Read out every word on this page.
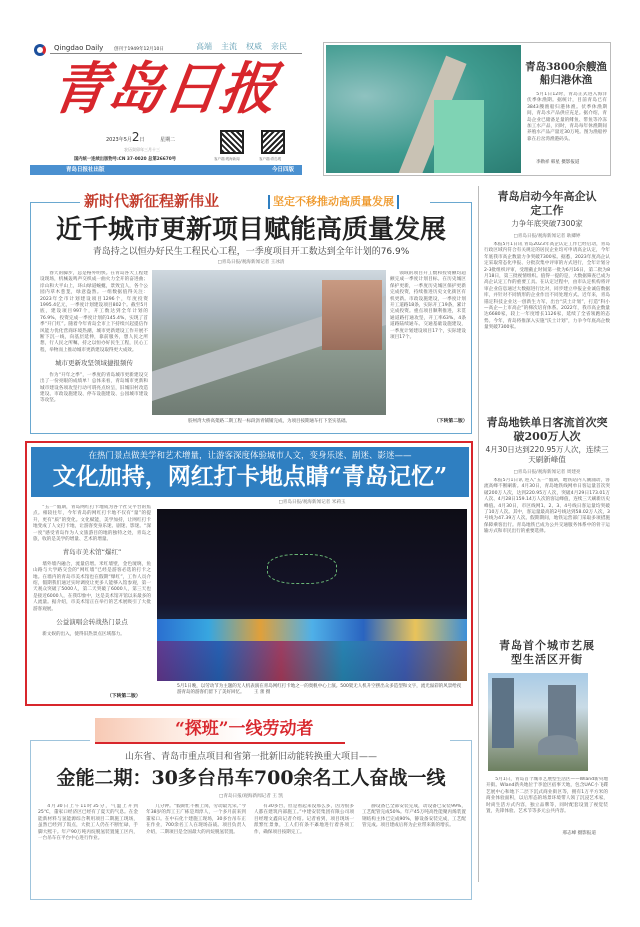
Qingdao Daily 创刊于1949年12月10日	高端 主流 权威 亲民
青岛日报
2023年5月2日	星期二
农历癸卯年三月十三
国内统一连续出版物号:CN 37-0020 总第26670号	客户端:观海新闻	客户端:青岛观
青岛日报社出版	今日四版
青岛3800余艘渔船归港休渔
5月1日12时，青岛正式进入海洋伏季休渔期。据统计，目前青岛已有3843艘渔船归港休渔。伏季休渔期间，青岛水产品供应充足。据介绍，青岛企业已储备足量的鲱鱼、带鱼等冷冻加工水产品，同时，青岛每年休渔期间养殖水产品产量近30万吨。图为渔船停靠在后岔湾渔港码头。
李勋祥 韩星 摄影报道
新时代新征程新伟业	坚定不移推动高质量发展
近千城市更新项目赋能高质量发展
青岛持之以恒办好民生工程民心工程，一季度项目开工数达到全年计划的76.9%
□青岛日报/观海新闻记者 王冰清

春天的脚步，总是格外明快。在青岛各大工程建设现场，机械轰鸣声交织成一曲火力全开的奋进曲；岸山和大平山上，环山绿道蜿蜒，景致宜人，各个公园内草木葱茏，绿意盎然。一组数据值得关注：2023年全市计划建设项目1296个，年度投资1995.4亿元，一季度计划建设项目802个。截至5月底，建设项目997个，开工数达到全年计划的76.9%，投资完成一季度计划的145.4%，实现了首季“开门红”。随着今年青岛全市上下持续兴起提信作风能力优化营商环境热潮，城市更新建设工作开展不断下沉一线，向基层延伸，靠前服务，想人民之所想，行人民之所嘱，持之以恒办好民生工程，民心工程，举物而上推动城市更新建设取得更大成效。

城市更新攻坚领域捷报频传

作为“开年之季”，一季度的青岛城市更新建设交出了一份亮眼的成绩单！总体来看，青岛城市更新和城市建设各项攻坚行动可谓亮点纷呈，旧城旧村改造建设、市政设施建设、停车设施建设、公园城市建设等攻坚。

胶州湾大桥高架路二期工程一标段沥青铺铺完成，为项目按期通车打下坚实基础。

领域的项目开工数和投资额均超额完成一季度计划目标。在历史城区保护更新，一季度历史城区保护更新完成投资，持续推进历史文化街区有机更新。市政设施建设，一季度计划开工道路18条，实际开工19条，累计完成投资。重点项目顺利推进，未贯通道路打通攻坚，开工率63%，4条道路陆续通车。交通基础设施建设，一季度计划建设项目17个，实际建设项目17个。

（下转第二版）
在热门景点做美学和艺术增量，让游客深度体验城市人文，变身乐迷、剧迷、影迷——
文化加持，网红打卡地点睛“青岛记忆”
□青岛日报/观海新闻记者 米莉玉

“五一”假期，青岛网红打卡地成为各个社交平台的焦点。相较往年，今年青岛的网红打卡地不仅有“量”的提升，更有“质”的变化。文化赋能，美学加持，让网红打卡地变成了人文打卡地，让游客变身乐迷、剧迷、影迷。“深一度”感受青岛作为人文旅游目的地的独特之处，青岛之旅，收的是美学的增量、艺术的增量。

青岛市美术馆“爆红”

墙外墙内融合，流量倍增。米红墙壁，金色琉璃，鱼山路与大学路交会的“网红墙”已经是游客必选的打卡之地。在墙内的青岛市美术馆也在假期“爆红”，工作人员介绍，假期我们通过实时调度让更多人能够入馆参观，第一天观众突破了5000人，第二天突破了6000人，第三天也是接近6000人，在我印象中，这是美术馆开馆以来最多的人流量。据介绍，市美术馆正在举行的艺术展吸引了大批游客观展。

公益演唱会转战热门景点

新文娱的出入，使得旧热景点区域都力。

（下转第二版）
5月1日晚，以劳动节为主题的无人机表演在青岛网红打卡地之一的奥帆中心上演。500架无人机升空摆出众多造型和文字，流光溢彩的风景给夜游青岛的游客们留下了美好回忆。 王 蕾 摄
“探班”一线劳动者
山东省、青岛市重点项目和省第一批新旧动能转换重大项目——
金能二期：30多台吊车700余名工人奋战一线
□青岛日报/观海新闻记者 王 凯

4月30日上午11时35分，气温上升到25℃，董家口经济区已经有了夏天的气息。在金能新材料与氢能源综合利用项目二期施工现场，虽然已经到了饭点，大批工人仍在不断忙碌，手脚大熙干。年产90万吨丙烷脱氢装置施工区内，一台吊车在平台中心进行作业。

几分钟。“假期忙不断上岗，劳动最光荣。”今年38岁的焊工王广栋是周淳人，一个多月前来到董家口。在中石化十建施工现场，30多台吊车正在作业，700余名工人在现场奋战。项目负责人介绍，二期项目是全国最大的丙烷脱氢装置。

有30多台，但是看起来没那么多，因为很多人都在建筑内部施工。”中建安装集团有限公司项目经理文鑫向记者介绍。记者看到，项目现场一派繁忙景象，工人们有条不紊地进行着各项工作，确保项目按期完工。

静设备已全部安装完成，动设备已安装99%，工艺配管完成50%。年产45万吨高性能聚丙烯装置钢结构主体已完成90%，静设备安装完成，工艺配管完成。项目建成后将为企业带来新的增长。

青岛启动今年高企认定工作
力争年底突破7300家
□青岛日报/观海新闻记者 耿卿婷

本报5月1日讯 青岛2023年高企认定工作已经启动，青岛行政区域内符合有关规定的居民企业均可申请高企认定，今年年底我市高企数量力争突破7300家。据悉，2023年度高企认定采取常态化申报、分批次集中评审的方式进行，全年计划分2-3批组织评审，受理截止时间第一批为6月16日，第二批为8月18日，第三批视情组织。值得一提的是，大数据筛查已成为高企认定工作的重要工具。在认定过程中，由市认定机构将评审企业信息通过大数据进行比对，同步建立申报企业诚信数据库，并针对不同情形的企业作出不同处理方式。近年来，青岛锚定科技企业这一创新生力军，出台“沃土计划”，打造“科小—高企—上市高企”的梯次培育体系。2022年，我市高企数量达6680家，较上一年度增长1126家，延续了全省领跑的态势。今年，青岛将推深入实施“沃土计划”，力争今年底高企数量突破7300家。

青岛地铁单日客流首次突破200万人次
4月30日达到220.95万人次，连续三天刷新峰值
□青岛日报/观海新闻记者 周建亮

本报5月1日讯 进入“五一”假期，地铁站内人潮涌动，客流高峰不断刷新。4月30日，青岛地铁线网单日客运量首次突破200万人次，达到220.95万人次，突破4月29日173.01万人次、4月28日159.14万人次的客运峰值，连续三天刷新历史峰值。4月30日，市区线网1、2、3、4号线日客运量均突破了10万人次。其中，客运量最高的2号线达到58.02万人次，3号线为47.39万人次。假期期间，地铁运营部门采取多项措施保障乘客出行。青岛地铁已成为公共交通服务体系中的骨干运输方式和市民出行的重要选择。

青岛首个城市艺展型生活区开街

5月1日，青岛首个城市艺展型生活区——Wland新央地开街。Wland新央地位于李沧区宿事天地，包含UAC小飞碟艺展中心和地下二层下沉式商业街区等，拥有1万平方米的商业体验面积，以后形态的场景环境带人领了沉浸艺术家，时尚生活方式内容，独立品牌等，同时配套设置了视觉装置，先锋体验、艺术节等多元公共内容。

邢志峰 摄影报道
